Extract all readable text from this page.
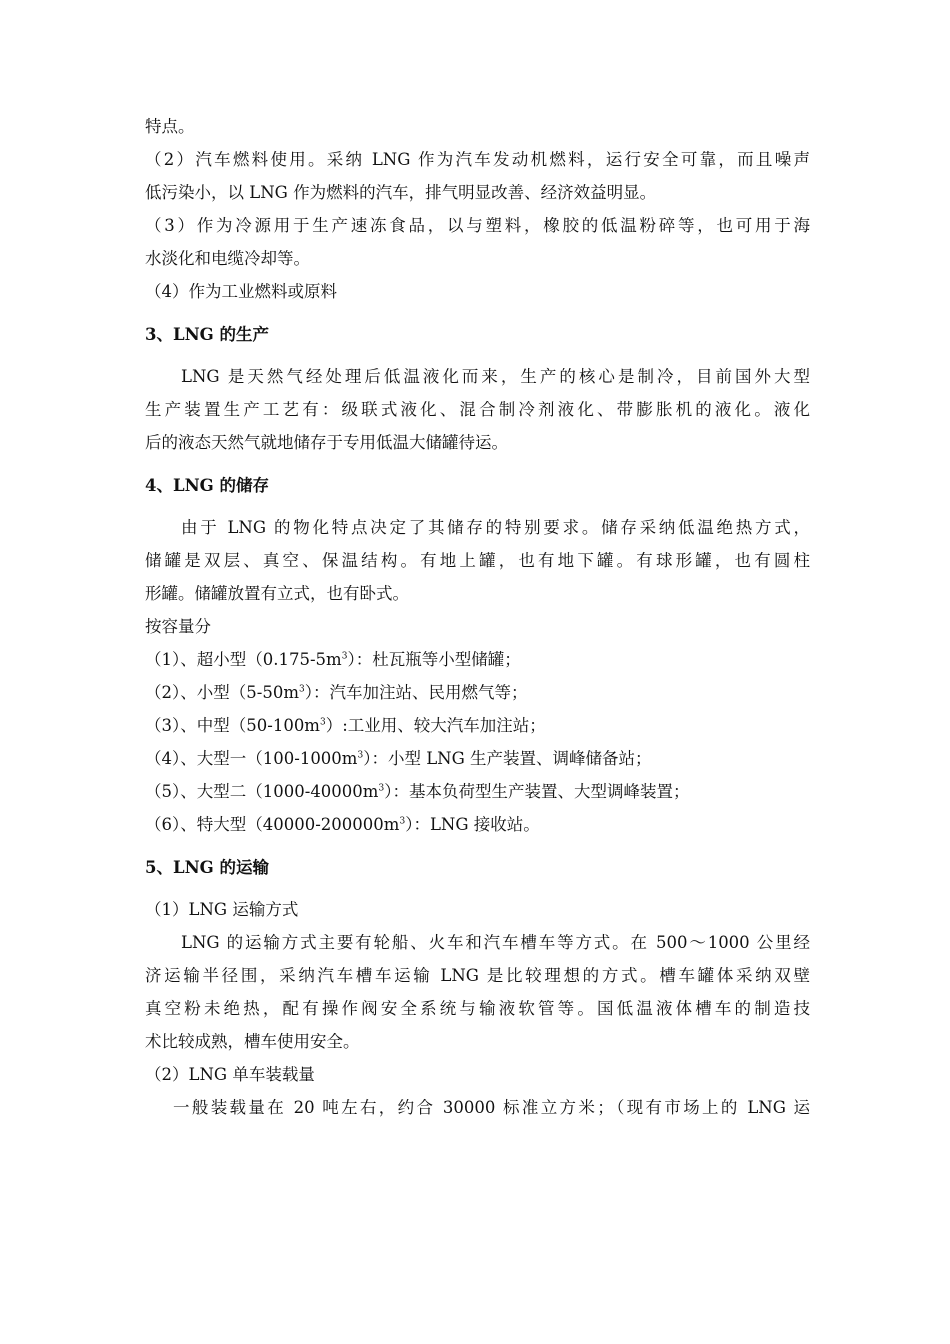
特点。
（2）汽车燃料使用。采纳 LNG 作为汽车发动机燃料，运行安全可靠，而且噪声
低污染小，以 LNG 作为燃料的汽车，排气明显改善、经济效益明显。
（3）作为冷源用于生产速冻食品，以与塑料，橡胶的低温粉碎等，也可用于海
水淡化和电缆冷却等。
（4）作为工业燃料或原料
3、LNG 的生产
LNG 是天然气经处理后低温液化而来，生产的核心是制冷，目前国外大型
生产装置生产工艺有：级联式液化、混合制冷剂液化、带膨胀机的液化。液化
后的液态天然气就地储存于专用低温大储罐待运。
4、LNG 的储存
由于 LNG 的物化特点决定了其储存的特别要求。储存采纳低温绝热方式，
储罐是双层、真空、保温结构。有地上罐，也有地下罐。有球形罐，也有圆柱
形罐。储罐放置有立式，也有卧式。
按容量分
（1）、超小型$(0.175-5m^3)$：杜瓦瓶等小型储罐；
（2）、小型$(5-50m^3)$：汽车加注站、民用燃气等；
（3）、中型$(50-100m^3)$:工业用、较大汽车加注站；
（4）、大型一$(100-1000m^3)$：小型 LNG 生产装置、调峰储备站；
（5）、大型二$(1000-40000m^3)$：基本负荷型生产装置、大型调峰装置；
（6）、特大型$(40000-200000m^3)$：LNG 接收站。
5、LNG 的运输
（1）LNG 运输方式
LNG 的运输方式主要有轮船、火车和汽车槽车等方式。在 500～1000 公里经
济运输半径围，采纳汽车槽车运输 LNG 是比较理想的方式。槽车罐体采纳双壁
真空粉未绝热，配有操作阀安全系统与输液软管等。国低温液体槽车的制造技
术比较成熟，槽车使用安全。
（2）LNG 单车装载量
一般装载量在 20 吨左右，约合 30000 标准立方米；（现有市场上的 LNG 运
